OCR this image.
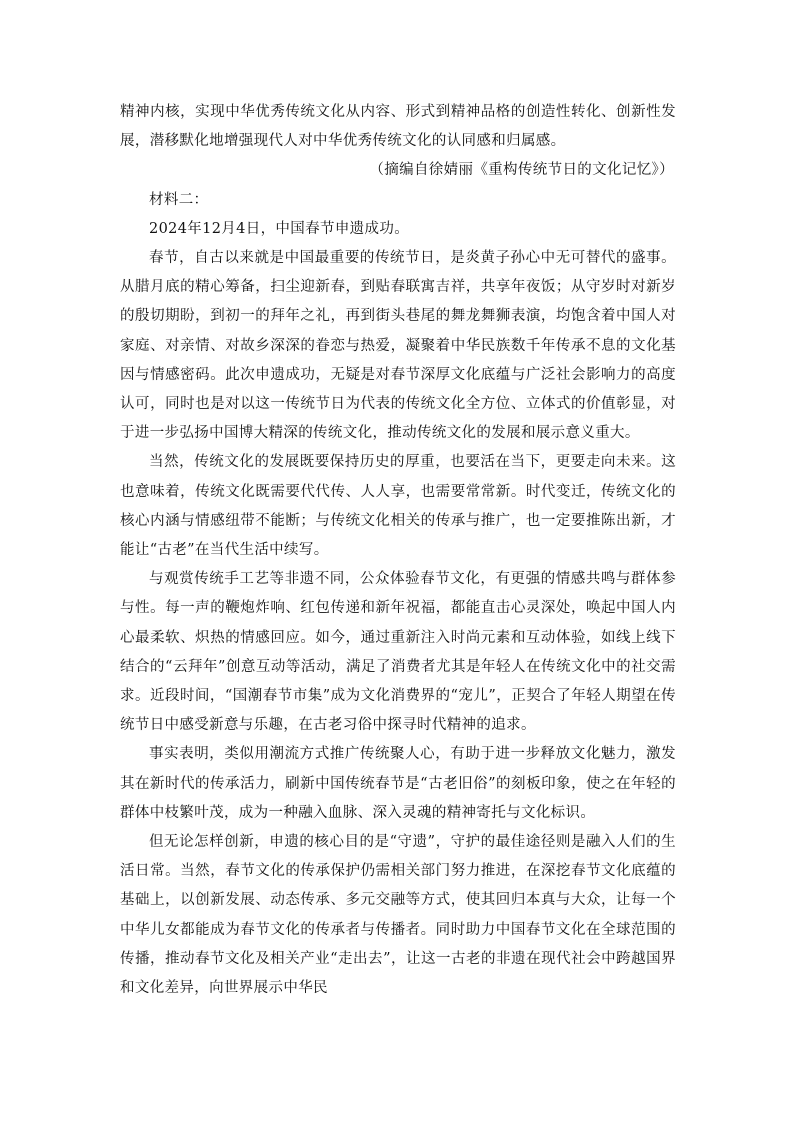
精神内核，实现中华优秀传统文化从内容、形式到精神品格的创造性转化、创新性发展，潜移默化地增强现代人对中华优秀传统文化的认同感和归属感。

（摘编自徐婧丽《重构传统节日的文化记忆》）

材料二：

2024年12月4日，中国春节申遗成功。

春节，自古以来就是中国最重要的传统节日，是炎黄子孙心中无可替代的盛事。从腊月底的精心筹备，扫尘迎新春，到贴春联寓吉祥，共享年夜饭；从守岁时对新岁的殷切期盼，到初一的拜年之礼，再到街头巷尾的舞龙舞狮表演，均饱含着中国人对家庭、对亲情、对故乡深深的眷恋与热爱，凝聚着中华民族数千年传承不息的文化基因与情感密码。此次申遗成功，无疑是对春节深厚文化底蕴与广泛社会影响力的高度认可，同时也是对以这一传统节日为代表的传统文化全方位、立体式的价值彰显，对于进一步弘扬中国博大精深的传统文化，推动传统文化的发展和展示意义重大。

当然，传统文化的发展既要保持历史的厚重，也要活在当下，更要走向未来。这也意味着，传统文化既需要代代传、人人享，也需要常常新。时代变迁，传统文化的核心内涵与情感纽带不能断；与传统文化相关的传承与推广，也一定要推陈出新，才能让“古老”在当代生活中续写。

与观赏传统手工艺等非遗不同，公众体验春节文化，有更强的情感共鸣与群体参与性。每一声的鞭炮炸响、红包传递和新年祝福，都能直击心灵深处，唤起中国人内心最柔软、炽热的情感回应。如今，通过重新注入时尚元素和互动体验，如线上线下结合的“云拜年”创意互动等活动，满足了消费者尤其是年轻人在传统文化中的社交需求。近段时间，“国潮春节市集”成为文化消费界的“宠儿”，正契合了年轻人期望在传统节日中感受新意与乐趣，在古老习俗中探寻时代精神的追求。

事实表明，类似用潮流方式推广传统聚人心，有助于进一步释放文化魅力，激发其在新时代的传承活力，刷新中国传统春节是“古老旧俗”的刻板印象，使之在年轻的群体中枝繁叶茂，成为一种融入血脉、深入灵魂的精神寄托与文化标识。

但无论怎样创新，申遗的核心目的是“守遗”，守护的最佳途径则是融入人们的生活日常。当然，春节文化的传承保护仍需相关部门努力推进，在深挖春节文化底蕴的基础上，以创新发展、动态传承、多元交融等方式，使其回归本真与大众，让每一个中华儿女都能成为春节文化的传承者与传播者。同时助力中国春节文化在全球范围的传播，推动春节文化及相关产业“走出去”，让这一古老的非遗在现代社会中跨越国界和文化差异，向世界展示中华民
